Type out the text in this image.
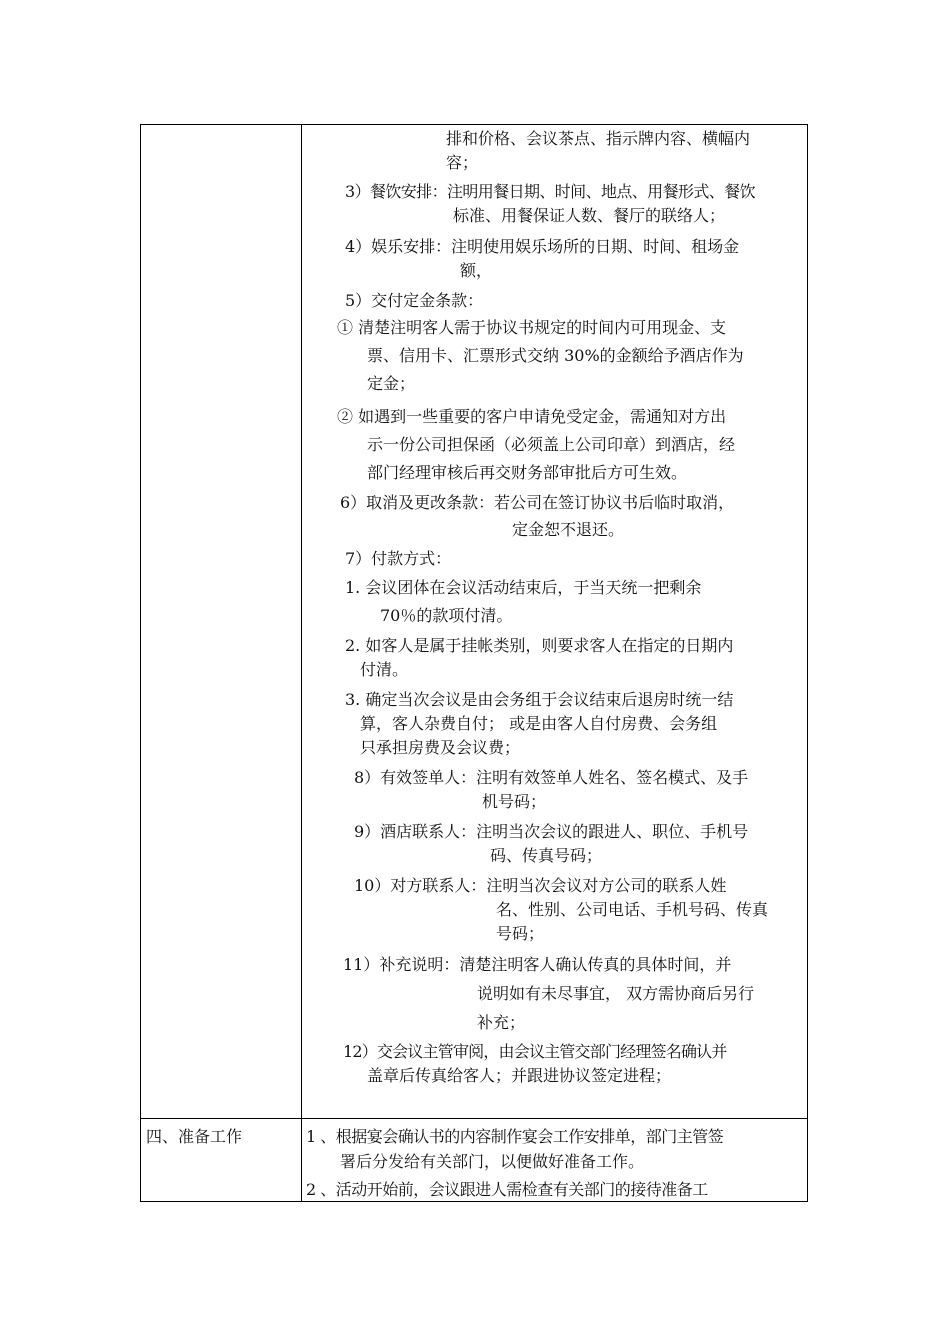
排和价格、会议茶点、指示牌内容、横幅内
容；
3）餐饮安排：注明用餐日期、时间、地点、用餐形式、餐饮
标准、用餐保证人数、餐厅的联络人；
4）娱乐安排：注明使用娱乐场所的日期、时间、租场金
额，
5）交付定金条款：
① 清楚注明客人需于协议书规定的时间内可用现金、支
票、信用卡、汇票形式交纳 30%的金额给予酒店作为
定金；
② 如遇到一些重要的客户申请免受定金，需通知对方出
示一份公司担保函（必须盖上公司印章）到酒店，经
部门经理审核后再交财务部审批后方可生效。
6）取消及更改条款：若公司在签订协议书后临时取消，
定金恕不退还。
7）付款方式：
1. 会议团体在会议活动结束后，于当天统一把剩余
70％的款项付清。
2. 如客人是属于挂帐类别，则要求客人在指定的日期内
付清。
3. 确定当次会议是由会务组于会议结束后退房时统一结
算，客人杂费自付； 或是由客人自付房费、会务组
只承担房费及会议费；
8）有效签单人：注明有效签单人姓名、签名模式、及手
机号码；
9）酒店联系人：注明当次会议的跟进人、职位、手机号
码、传真号码；
10）对方联系人：注明当次会议对方公司的联系人姓
名、性别、公司电话、手机号码、传真
号码；
11）补充说明：清楚注明客人确认传真的具体时间，并
说明如有未尽事宜， 双方需协商后另行
补充；
12）交会议主管审阅，由会议主管交部门经理签名确认并
盖章后传真给客人；并跟进协议签定进程；
四、准备工作	1 、根据宴会确认书的内容制作宴会工作安排单，部门主管签
署后分发给有关部门，以便做好准备工作。
2 、活动开始前，会议跟进人需检查有关部门的接待准备工
